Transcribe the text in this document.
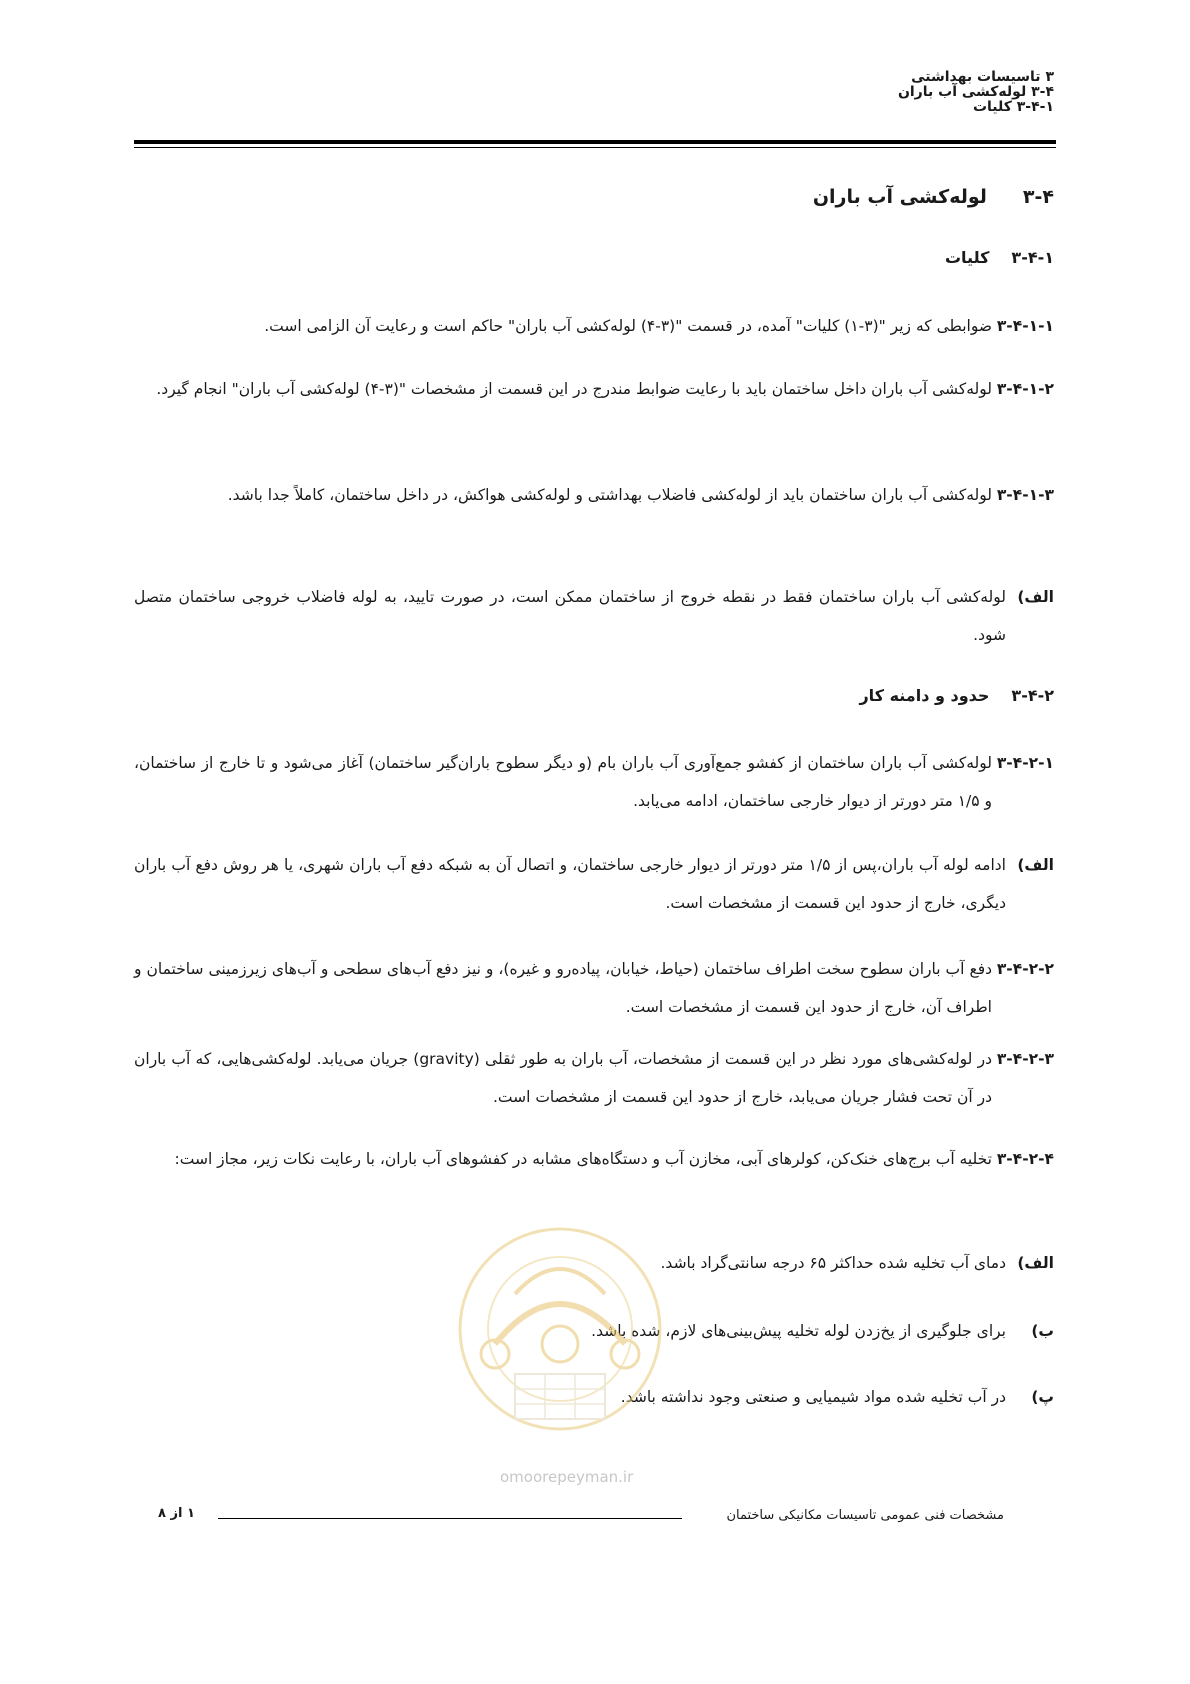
۳ تاسیسات بهداشتی
۳-۴ لوله‌کشی آب باران
۳-۴-۱ کلیات
۳-۴لوله‌کشی آب باران
۳-۴-۱کلیات
۳-۴-۱-۱
ضوابطی که زیر "(۳-۱) کلیات" آمده، در قسمت "(۳-۴) لوله‌کشی آب باران" حاکم است و رعایت آن الزامی است.
۳-۴-۱-۲
لوله‌کشی آب باران داخل ساختمان باید با رعایت ضوابط مندرج در این قسمت از مشخصات "(۳-۴) لوله‌کشی آب باران" انجام گیرد.
۳-۴-۱-۳
لوله‌کشی آب باران ساختمان باید از لوله‌کشی فاضلاب بهداشتی و لوله‌کشی هواکش، در داخل ساختمان، کاملاً جدا باشد.
الف)
لوله‌کشی آب باران ساختمان فقط در نقطه خروج از ساختمان ممکن است، در صورت تایید، به لوله فاضلاب خروجی ساختمان متصل شود.
۳-۴-۲حدود و دامنه کار
۳-۴-۲-۱
لوله‌کشی آب باران ساختمان از کفشو جمع‌آوری آب باران بام (و دیگر سطوح باران‌گیر ساختمان) آغاز می‌شود و تا خارج از ساختمان، و ۱/۵ متر دورتر از دیوار خارجی ساختمان، ادامه می‌یابد.
الف)
ادامه لوله آب باران،پس از ۱/۵ متر دورتر از دیوار خارجی ساختمان، و اتصال آن به شبکه دفع آب باران شهری، یا هر روش دفع آب باران دیگری، خارج از حدود این قسمت از مشخصات است.
۳-۴-۲-۲
دفع آب باران سطوح سخت اطراف ساختمان (حیاط، خیابان، پیاده‌رو و غیره)، و نیز دفع آب‌های سطحی و آب‌های زیرزمینی ساختمان و اطراف آن، خارج از حدود این قسمت از مشخصات است.
۳-۴-۲-۳
در لوله‌کشی‌های مورد نظر در این قسمت از مشخصات، آب باران به طور ثقلی (gravity) جریان می‌یابد. لوله‌کشی‌هایی، که آب باران در آن تحت فشار جریان می‌یابد، خارج از حدود این قسمت از مشخصات است.
۳-۴-۲-۴
تخلیه آب برج‌های خنک‌کن، کولرهای آبی، مخازن آب و دستگاه‌های مشابه در کفشوهای آب باران، با رعایت نکات زیر، مجاز است:
الف)دمای آب تخلیه شده حداکثر ۶۵ درجه سانتی‌گراد باشد.
ب)برای جلوگیری از یخ‌زدن لوله تخلیه پیش‌بینی‌های لازم، شده باشد.
پ)در آب تخلیه شده مواد شیمیایی و صنعتی وجود نداشته باشد.
omoorepeyman.ir
مشخصات فنی عمومی تاسیسات مکانیکی ساختمان
۱ از ۸
